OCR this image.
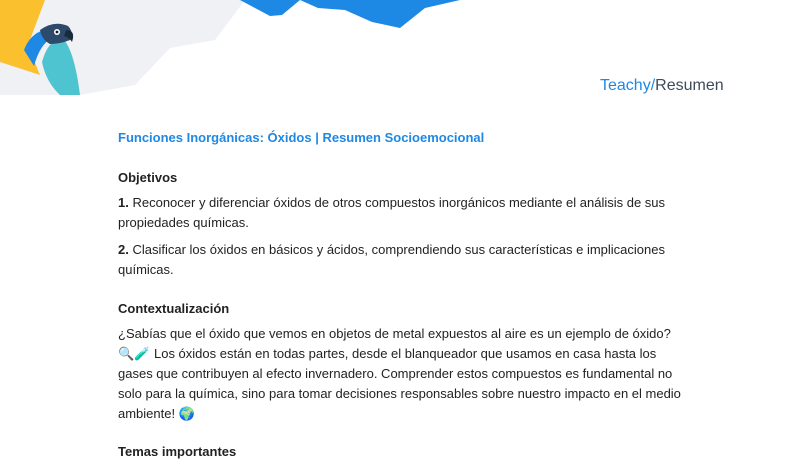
Teachy/Resumen
Funciones Inorgánicas: Óxidos | Resumen Socioemocional
Objetivos
1. Reconocer y diferenciar óxidos de otros compuestos inorgánicos mediante el análisis de sus propiedades químicas.
2. Clasificar los óxidos en básicos y ácidos, comprendiendo sus características e implicaciones químicas.
Contextualización
¿Sabías que el óxido que vemos en objetos de metal expuestos al aire es un ejemplo de óxido? 🔍🧪 Los óxidos están en todas partes, desde el blanqueador que usamos en casa hasta los gases que contribuyen al efecto invernadero. Comprender estos compuestos es fundamental no solo para la química, sino para tomar decisiones responsables sobre nuestro impacto en el medio ambiente! 🌍
Temas importantes
